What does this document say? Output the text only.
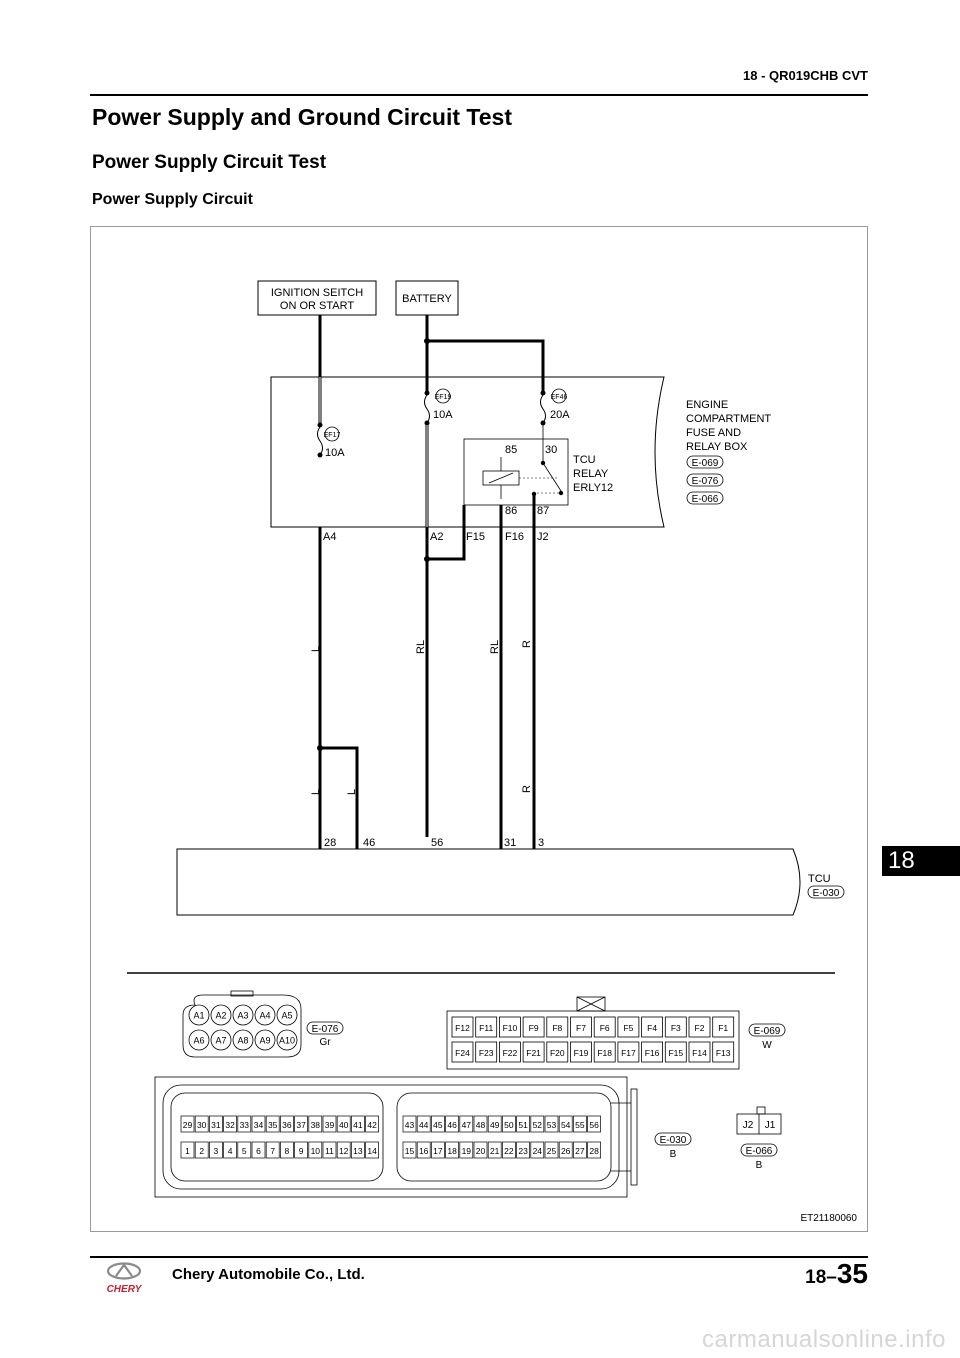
18 - QR019CHB CVT
Power Supply and Ground Circuit Test
Power Supply Circuit Test
Power Supply Circuit
IGNITION SEITCH
ON OR START
BATTERY
ENGINE
COMPARTMENT
FUSE AND
RELAY BOX
E-069
E-076
E-066
EF17
10A
EF19
10A
EF46
20A
85	30
86 87
TCU
RELAY
ERLY12
A4	A2 F15 F16 J2
L	RL	RL R
L L	R
28 46	56	31 3
TCU
E-030
A1 A2 A3 A4 A5
A6 A7 A8 A9 A10
E-076
Gr
F12 F11 F10 F9 F8 F7 F6 F5 F4 F3 F2 F1
F24 F23 F22 F21 F20 F19 F18 F17 F16 F15 F14 F13
E-069
W
29 30 31 32 33 34 35 36 37 38 39 40 41 42
1 2 3 4 5 6 7 8 9 10 11 12 13 14
43 44 45 46 47 48 49 50 51 52 53 54 55 56
15 16 17 18 19 20 21 22 23 24 25 26 27 28
E-030
B
J2 J1
E-066
B
ET21180060
18
CHERY
Chery Automobile Co., Ltd.	18–35
carmanualsonline.info
